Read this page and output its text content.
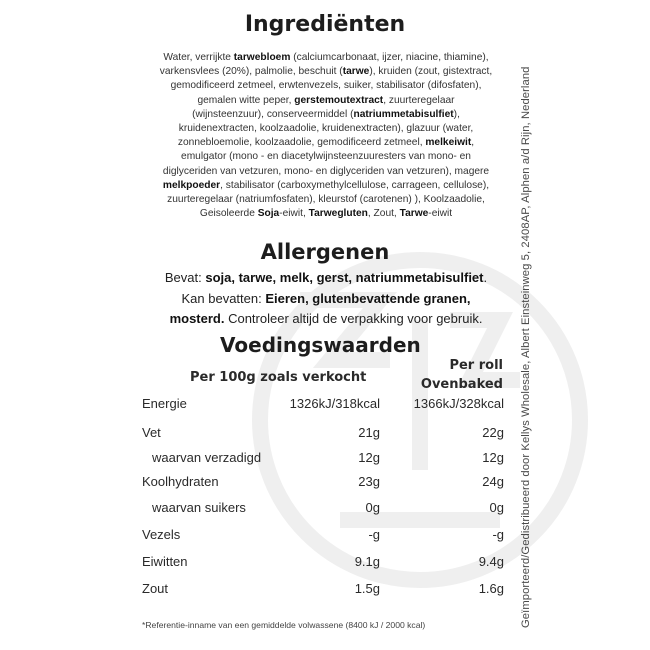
Geïmporteerd/Gedistribueerd door Kellys Wholesale, Albert Einsteinweg 5, 2408AP, Alphen a/d Rijn, Nederland
Ingrediënten
Water, verrijkte tarwebloem (calciumcarbonaat, ijzer, niacine, thiamine),
varkensvlees (20%), palmolie, beschuit (tarwe), kruiden (zout, gistextract,
gemodificeerd zetmeel, erwtenvezels, suiker, stabilisator (difosfaten),
gemalen witte peper, gerstemoutextract, zuurteregelaar
(wijnsteenzuur), conserveermiddel (natriummetabisulfiet),
kruidenextracten, koolzaadolie, kruidenextracten), glazuur (water,
zonnebloemolie, koolzaadolie, gemodificeerd zetmeel, melkeiwit,
emulgator (mono - en diacetylwijnsteenzuuresters van mono- en
diglyceriden van vetzuren, mono- en diglyceriden van vetzuren), magere
melkpoeder, stabilisator (carboxymethylcellulose, carrageen, cellulose),
zuurteregelaar (natriumfosfaten), kleurstof (carotenen) ), Koolzaadolie,
Geisoleerde Soja-eiwit, Tarwegluten, Zout, Tarwe-eiwit
Allergenen
Bevat: soja, tarwe, melk, gerst, natriummetabisulfiet.
Kan bevatten: Eieren, glutenbevattende granen,
mosterd. Controleer altijd de verpakking voor gebruik.
Voedingswaarden
Per 100g zoals verkocht
Per roll
Ovenbaked
Energie	1326kJ/318kcal	1366kJ/328kcal
Vet	21g	22g
waarvan verzadigd	12g	12g
Koolhydraten	23g	24g
waarvan suikers	0g	0g
Vezels	-g	-g
Eiwitten	9.1g	9.4g
Zout	1.5g	1.6g
*Referentie-inname van een gemiddelde volwassene (8400 kJ / 2000 kcal)
